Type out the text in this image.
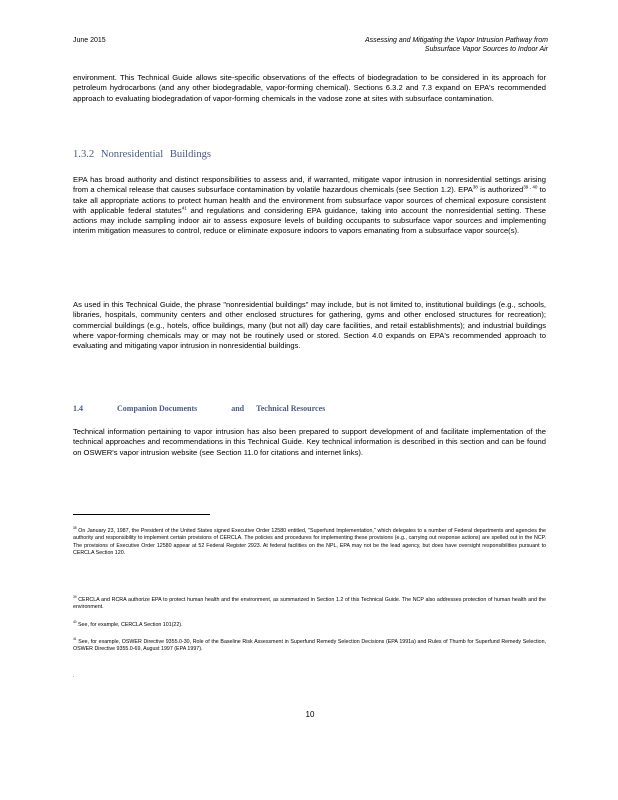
June 2015	Assessing and Mitigating the Vapor Intrusion Pathway from
Subsurface Vapor Sources to Indoor Air
environment. This Technical Guide allows site-specific observations of the effects of biodegradation to be considered in its approach for petroleum hydrocarbons (and any other biodegradable, vapor-forming chemical). Sections 6.3.2 and 7.3 expand on EPA's recommended approach to evaluating biodegradation of vapor-forming chemicals in the vadose zone at sites with subsurface contamination.
1.3.2 Nonresidential Buildings
EPA has broad authority and distinct responsibilities to assess and, if warranted, mitigate vapor intrusion in nonresidential settings arising from a chemical release that causes subsurface contamination by volatile hazardous chemicals (see Section 1.2). EPA$^{38}$ is authorized$^{39 , 40}$ to take all appropriate actions to protect human health and the environment from subsurface vapor sources of chemical exposure consistent with applicable federal statutes$^{41}$ and regulations and considering EPA guidance, taking into account the nonresidential setting. These actions may include sampling indoor air to assess exposure levels of building occupants to subsurface vapor sources and implementing interim mitigation measures to control, reduce or eliminate exposure indoors to vapors emanating from a subsurface vapor source(s).
As used in this Technical Guide, the phrase "nonresidential buildings" may include, but is not limited to, institutional buildings (e.g., schools, libraries, hospitals, community centers and other enclosed structures for gathering, gyms and other enclosed structures for recreation); commercial buildings (e.g., hotels, office buildings, many (but not all) day care facilities, and retail establishments); and industrial buildings where vapor-forming chemicals may or may not be routinely used or stored. Section 4.0 expands on EPA's recommended approach to evaluating and mitigating vapor intrusion in nonresidential buildings.
1.4	Companion Documents	and Technical Resources
Technical information pertaining to vapor intrusion has also been prepared to support development of and facilitate implementation of the technical approaches and recommendations in this Technical Guide. Key technical information is described in this section and can be found on OSWER's vapor intrusion website (see Section 11.0 for citations and internet links).
$^{38}$ On January 23, 1987, the President of the United States signed Executive Order 12580 entitled, "Superfund Implementation," which delegates to a number of Federal departments and agencies the authority and responsibility to implement certain provisions of CERCLA. The policies and procedures for implementing these provisions (e.g., carrying out response actions) are spelled out in the NCP. The provisions of Executive Order 12580 appear at 52 Federal Register 2923. At federal facilities on the NPL, EPA may not be the lead agency, but does have oversight responsibilities pursuant to CERCLA Section 120.
$^{39}$ CERCLA and RCRA authorize EPA to protect human health and the environment, as summarized in Section 1.2 of this Technical Guide. The NCP also addresses protection of human health and the environment.
$^{40}$ See, for example, CERCLA Section 101(22).
$^{41}$ See, for example, OSWER Directive 9355.0-30, Role of the Baseline Risk Assessment in Superfund Remedy Selection Decisions (EPA 1991a) and Rules of Thumb for Superfund Remedy Selection, OSWER Directive 9355.0-69, August 1997 (EPA 1997).
.
10
